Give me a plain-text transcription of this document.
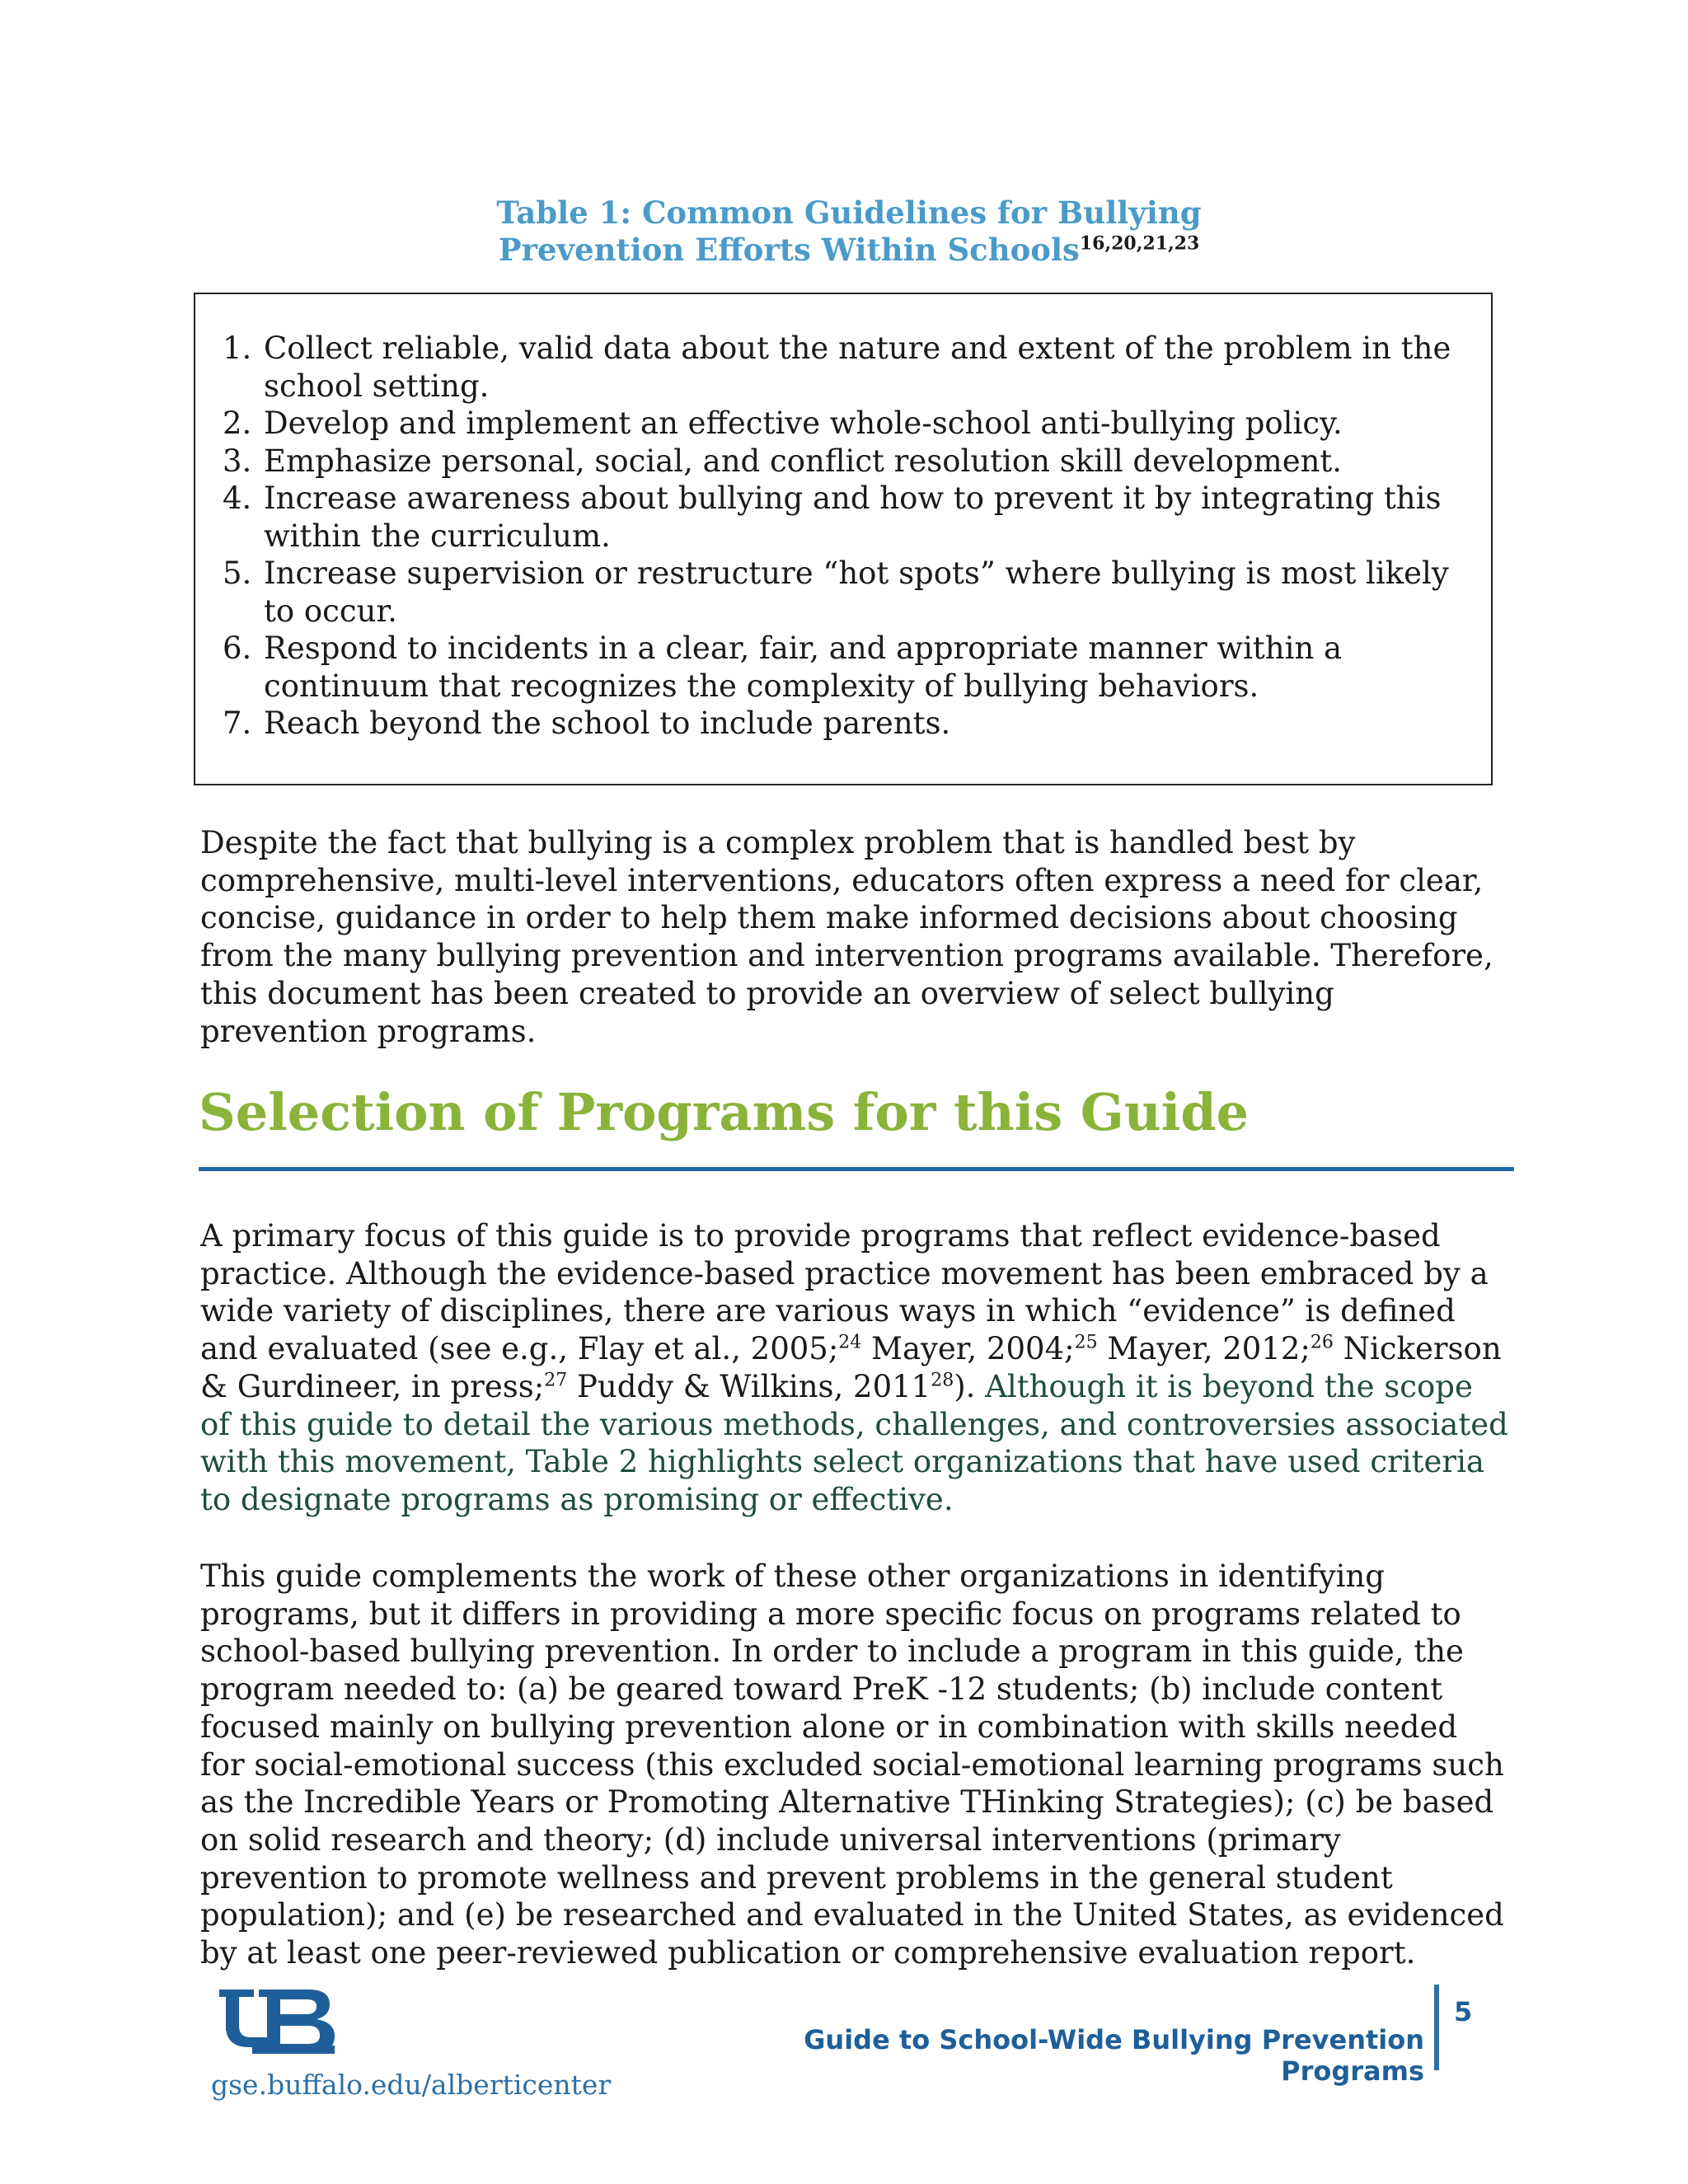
Table 1: Common Guidelines for Bullying
Prevention Efforts Within Schools$^{16,20,21,23}$
1. Collect reliable, valid data about the nature and extent of the problem in the school setting.
2. Develop and implement an effective whole-school anti-bullying policy.
3. Emphasize personal, social, and conflict resolution skill development.
4. Increase awareness about bullying and how to prevent it by integrating this within the curriculum.
5. Increase supervision or restructure “hot spots” where bullying is most likely to occur.
6. Respond to incidents in a clear, fair, and appropriate manner within a continuum that recognizes the complexity of bullying behaviors.
7. Reach beyond the school to include parents.

Despite the fact that bullying is a complex problem that is handled best by comprehensive, multi-level interventions, educators often express a need for clear, concise, guidance in order to help them make informed decisions about choosing from the many bullying prevention and intervention programs available. Therefore, this document has been created to provide an overview of select bullying prevention programs.

Selection of Programs for this Guide

A primary focus of this guide is to provide programs that reflect evidence-based practice. Although the evidence-based practice movement has been embraced by a wide variety of disciplines, there are various ways in which “evidence” is defined and evaluated (see e.g., Flay et al., 2005;$^{24}$ Mayer, 2004;$^{25}$ Mayer, 2012;$^{26}$ Nickerson & Gurdineer, in press;$^{27}$ Puddy & Wilkins, 2011$^{28}$). Although it is beyond the scope of this guide to detail the various methods, challenges, and controversies associated with this movement, Table 2 highlights select organizations that have used criteria to designate programs as promising or effective.

This guide complements the work of these other organizations in identifying programs, but it differs in providing a more specific focus on programs related to school-based bullying prevention. In order to include a program in this guide, the program needed to: (a) be geared toward PreK -12 students; (b) include content focused mainly on bullying prevention alone or in combination with skills needed for social-emotional success (this excluded social-emotional learning programs such as the Incredible Years or Promoting Alternative THinking Strategies); (c) be based on solid research and theory; (d) include universal interventions (primary prevention to promote wellness and prevent problems in the general student population); and (e) be researched and evaluated in the United States, as evidenced by at least one peer-reviewed publication or comprehensive evaluation report.

gse.buffalo.edu/alberticenter
Guide to School-Wide Bullying Prevention Programs
5
